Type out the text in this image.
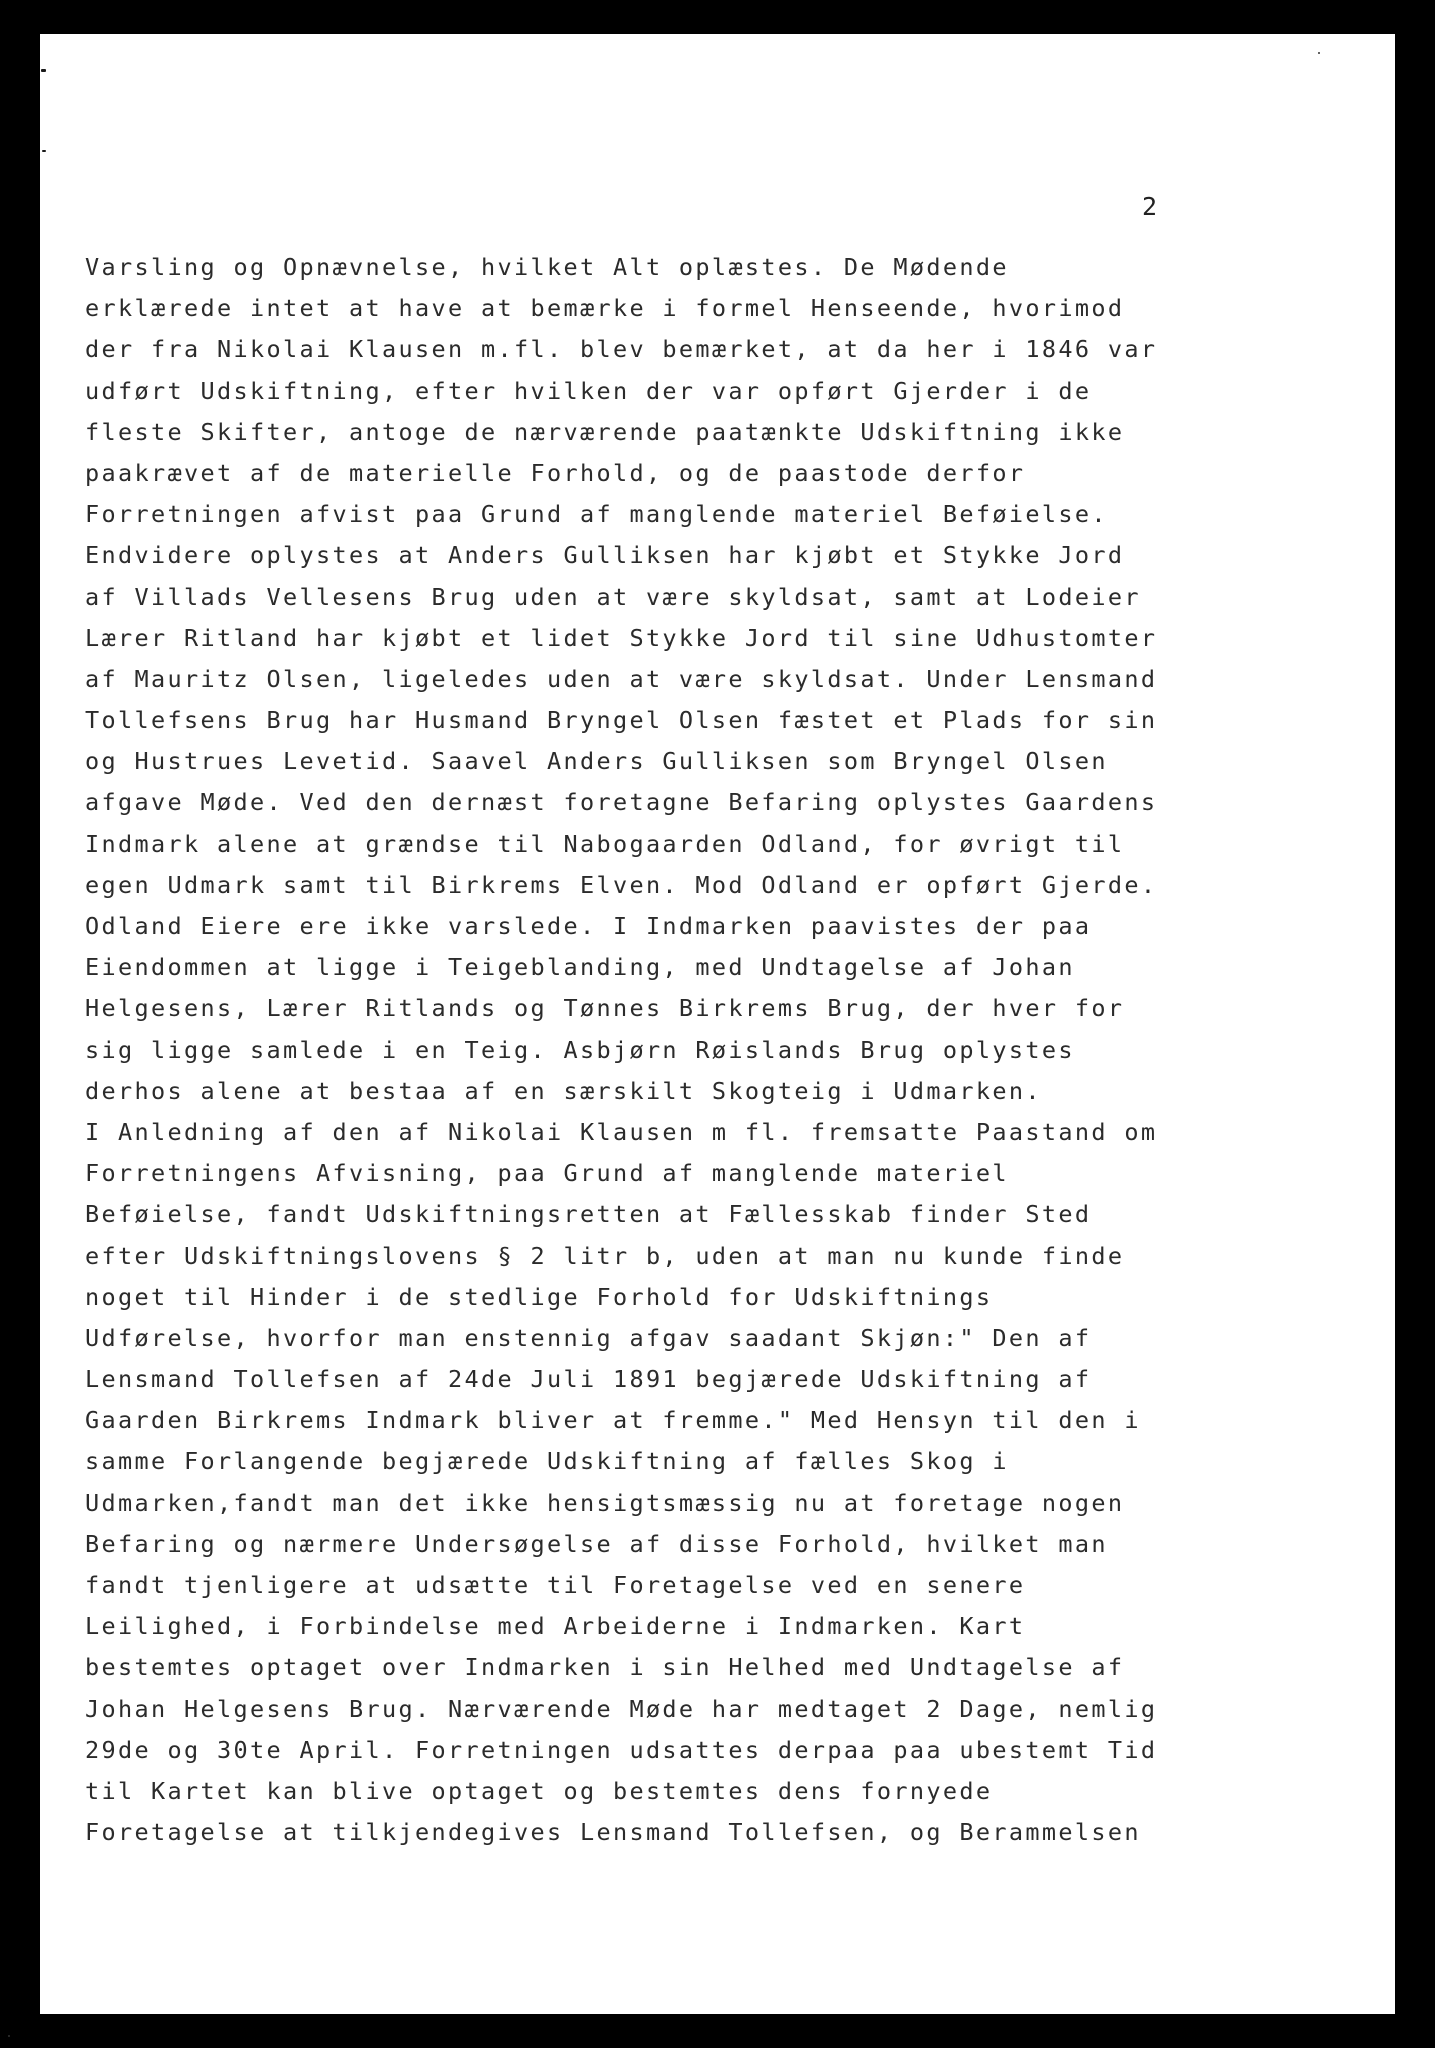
2

Varsling og Opnævnelse, hvilket Alt oplæstes. De Mødende
erklærede intet at have at bemærke i formel Henseende, hvorimod
der fra Nikolai Klausen m.fl. blev bemærket, at da her i 1846 var
udført Udskiftning, efter hvilken der var opført Gjerder i de
fleste Skifter, antoge de nærværende paatænkte Udskiftning ikke
paakrævet af de materielle Forhold, og de paastode derfor
Forretningen afvist paa Grund af manglende materiel Beføielse.
Endvidere oplystes at Anders Gulliksen har kjøbt et Stykke Jord
af Villads Vellesens Brug uden at være skyldsat, samt at Lodeier
Lærer Ritland har kjøbt et lidet Stykke Jord til sine Udhustomter
af Mauritz Olsen, ligeledes uden at være skyldsat. Under Lensmand
Tollefsens Brug har Husmand Bryngel Olsen fæstet et Plads for sin
og Hustrues Levetid. Saavel Anders Gulliksen som Bryngel Olsen
afgave Møde. Ved den dernæst foretagne Befaring oplystes Gaardens
Indmark alene at grændse til Nabogaarden Odland, for øvrigt til
egen Udmark samt til Birkrems Elven. Mod Odland er opført Gjerde.
Odland Eiere ere ikke varslede. I Indmarken paavistes der paa
Eiendommen at ligge i Teigeblanding, med Undtagelse af Johan
Helgesens, Lærer Ritlands og Tønnes Birkrems Brug, der hver for
sig ligge samlede i en Teig. Asbjørn Røislands Brug oplystes
derhos alene at bestaa af en særskilt Skogteig i Udmarken.
I Anledning af den af Nikolai Klausen m fl. fremsatte Paastand om
Forretningens Afvisning, paa Grund af manglende materiel
Beføielse, fandt Udskiftningsretten at Fællesskab finder Sted
efter Udskiftningslovens § 2 litr b, uden at man nu kunde finde
noget til Hinder i de stedlige Forhold for Udskiftnings
Udførelse, hvorfor man enstennig afgav saadant Skjøn:" Den af
Lensmand Tollefsen af 24de Juli 1891 begjærede Udskiftning af
Gaarden Birkrems Indmark bliver at fremme." Med Hensyn til den i
samme Forlangende begjærede Udskiftning af fælles Skog i
Udmarken,fandt man det ikke hensigtsmæssig nu at foretage nogen
Befaring og nærmere Undersøgelse af disse Forhold, hvilket man
fandt tjenligere at udsætte til Foretagelse ved en senere
Leilighed, i Forbindelse med Arbeiderne i Indmarken. Kart
bestemtes optaget over Indmarken i sin Helhed med Undtagelse af
Johan Helgesens Brug. Nærværende Møde har medtaget 2 Dage, nemlig
29de og 30te April. Forretningen udsattes derpaa paa ubestemt Tid
til Kartet kan blive optaget og bestemtes dens fornyede
Foretagelse at tilkjendegives Lensmand Tollefsen, og Berammelsen
